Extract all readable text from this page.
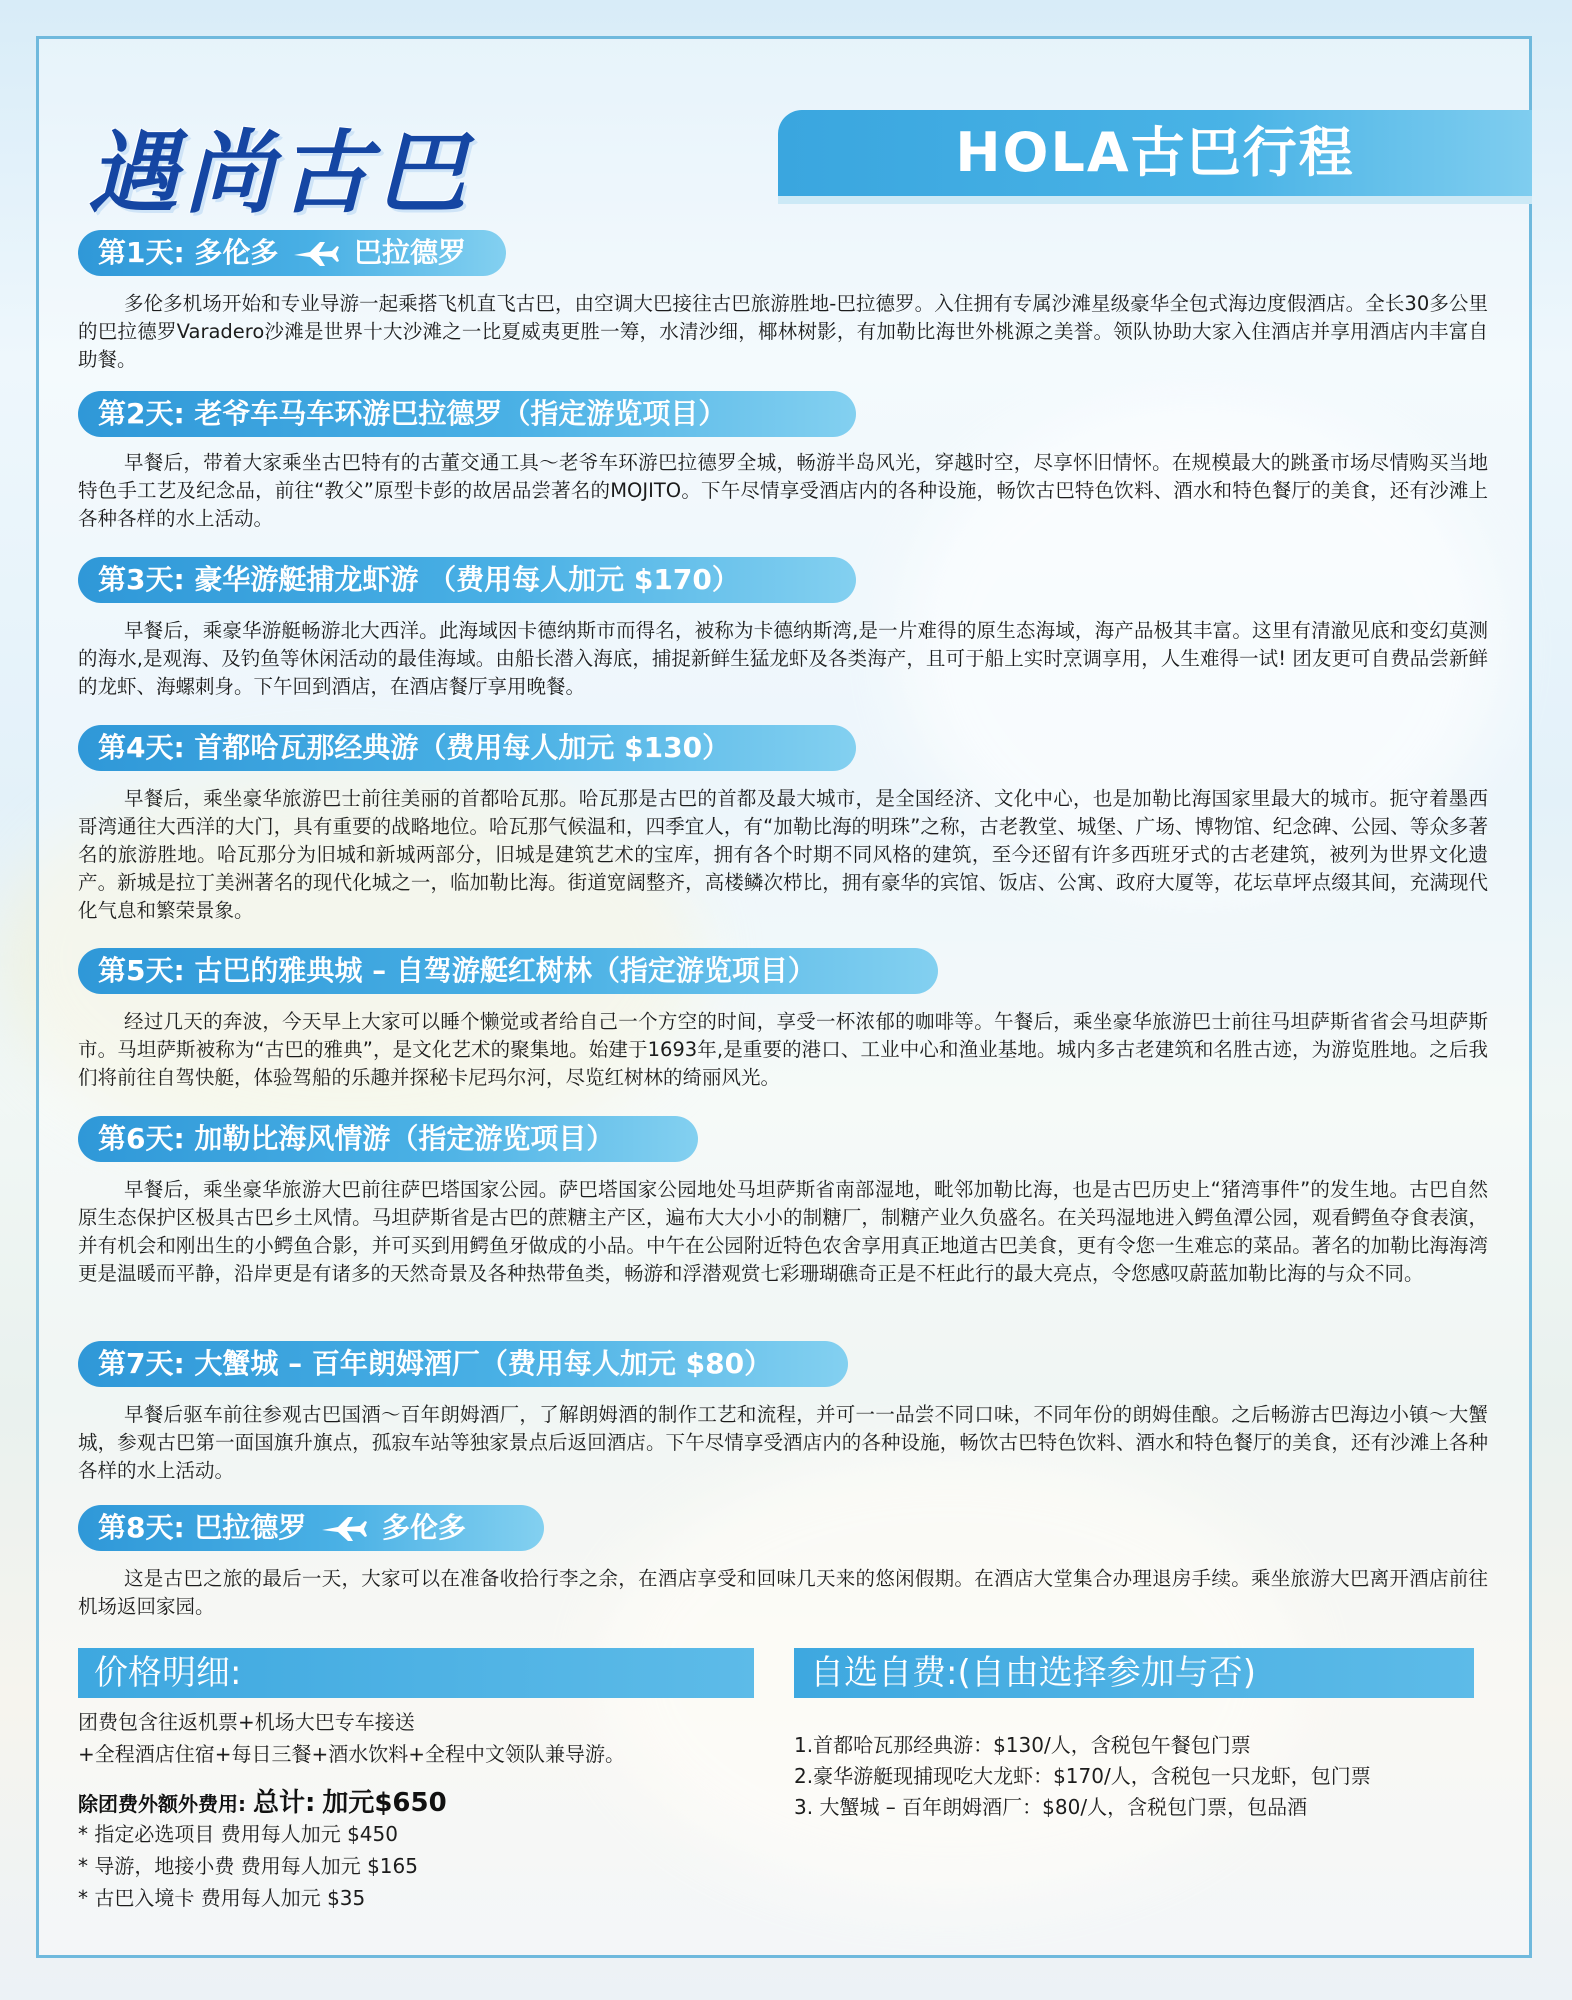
遇尚古巴	HOLA古巴行程
第1天: 多伦多	巴拉德罗
多伦多机场开始和专业导游一起乘搭飞机直飞古巴，由空调大巴接往古巴旅游胜地-巴拉德罗。入住拥有专属沙滩星级豪华全包式海边度假酒店。全长30多公里的巴拉德罗Varadero沙滩是世界十大沙滩之一比夏威夷更胜一筹，水清沙细，椰林树影，有加勒比海世外桃源之美誉。领队协助大家入住酒店并享用酒店内丰富自助餐。
第2天: 老爷车马车环游巴拉德罗（指定游览项目）
早餐后，带着大家乘坐古巴特有的古董交通工具～老爷车环游巴拉德罗全城，畅游半岛风光，穿越时空，尽享怀旧情怀。在规模最大的跳蚤市场尽情购买当地特色手工艺及纪念品，前往“教父”原型卡彭的故居品尝著名的MOJITO。下午尽情享受酒店内的各种设施，畅饮古巴特色饮料、酒水和特色餐厅的美食，还有沙滩上各种各样的水上活动。
第3天: 豪华游艇捕龙虾游 （费用每人加元 $170）
早餐后，乘豪华游艇畅游北大西洋。此海域因卡德纳斯市而得名，被称为卡德纳斯湾,是一片难得的原生态海域，海产品极其丰富。这里有清澈见底和变幻莫测的海水,是观海、及钓鱼等休闲活动的最佳海域。由船长潜入海底，捕捉新鲜生猛龙虾及各类海产，且可于船上实时烹调享用，人生难得一试! 团友更可自费品尝新鲜的龙虾、海螺刺身。下午回到酒店，在酒店餐厅享用晚餐。
第4天: 首都哈瓦那经典游（费用每人加元 $130）
早餐后，乘坐豪华旅游巴士前往美丽的首都哈瓦那。哈瓦那是古巴的首都及最大城市，是全国经济、文化中心，也是加勒比海国家里最大的城市。扼守着墨西哥湾通往大西洋的大门，具有重要的战略地位。哈瓦那气候温和，四季宜人，有“加勒比海的明珠”之称，古老教堂、城堡、广场、博物馆、纪念碑、公园、等众多著名的旅游胜地。哈瓦那分为旧城和新城两部分，旧城是建筑艺术的宝库，拥有各个时期不同风格的建筑，至今还留有许多西班牙式的古老建筑，被列为世界文化遗产。新城是拉丁美洲著名的现代化城之一，临加勒比海。街道宽阔整齐，高楼鳞次栉比，拥有豪华的宾馆、饭店、公寓、政府大厦等，花坛草坪点缀其间，充满现代化气息和繁荣景象。
第5天: 古巴的雅典城 – 自驾游艇红树林（指定游览项目）
经过几天的奔波，今天早上大家可以睡个懒觉或者给自己一个方空的时间，享受一杯浓郁的咖啡等。午餐后，乘坐豪华旅游巴士前往马坦萨斯省省会马坦萨斯市。马坦萨斯被称为“古巴的雅典”，是文化艺术的聚集地。始建于1693年,是重要的港口、工业中心和渔业基地。城内多古老建筑和名胜古迹，为游览胜地。之后我们将前往自驾快艇，体验驾船的乐趣并探秘卡尼玛尔河，尽览红树林的绮丽风光。
第6天: 加勒比海风情游（指定游览项目）
早餐后，乘坐豪华旅游大巴前往萨巴塔国家公园。萨巴塔国家公园地处马坦萨斯省南部湿地，毗邻加勒比海，也是古巴历史上“猪湾事件”的发生地。古巴自然原生态保护区极具古巴乡土风情。马坦萨斯省是古巴的蔗糖主产区，遍布大大小小的制糖厂，制糖产业久负盛名。在关玛湿地进入鳄鱼潭公园，观看鳄鱼夺食表演，并有机会和刚出生的小鳄鱼合影，并可买到用鳄鱼牙做成的小品。中午在公园附近特色农舍享用真正地道古巴美食，更有令您一生难忘的菜品。著名的加勒比海海湾更是温暖而平静，沿岸更是有诸多的天然奇景及各种热带鱼类，畅游和浮潜观赏七彩珊瑚礁奇正是不枉此行的最大亮点，令您感叹蔚蓝加勒比海的与众不同。
第7天: 大蟹城 – 百年朗姆酒厂（费用每人加元 $80）
早餐后驱车前往参观古巴国酒～百年朗姆酒厂，了解朗姆酒的制作工艺和流程，并可一一品尝不同口味，不同年份的朗姆佳酿。之后畅游古巴海边小镇～大蟹城，参观古巴第一面国旗升旗点，孤寂车站等独家景点后返回酒店。下午尽情享受酒店内的各种设施，畅饮古巴特色饮料、酒水和特色餐厅的美食，还有沙滩上各种各样的水上活动。
第8天: 巴拉德罗	多伦多
这是古巴之旅的最后一天，大家可以在准备收拾行李之余，在酒店享受和回味几天来的悠闲假期。在酒店大堂集合办理退房手续。乘坐旅游大巴离开酒店前往机场返回家园。
价格明细:
团费包含往返机票+机场大巴专车接送
+全程酒店住宿+每日三餐+酒水饮料+全程中文领队兼导游。
除团费外额外费用: 总计: 加元$650
* 指定必选项目 费用每人加元 $450
* 导游，地接小费 费用每人加元 $165
* 古巴入境卡 费用每人加元 $35
自选自费:(自由选择参加与否)
1.首都哈瓦那经典游：$130/人，含税包午餐包门票
2.豪华游艇现捕现吃大龙虾：$170/人，含税包一只龙虾，包门票
3. 大蟹城 – 百年朗姆酒厂：$80/人，含税包门票，包品酒
